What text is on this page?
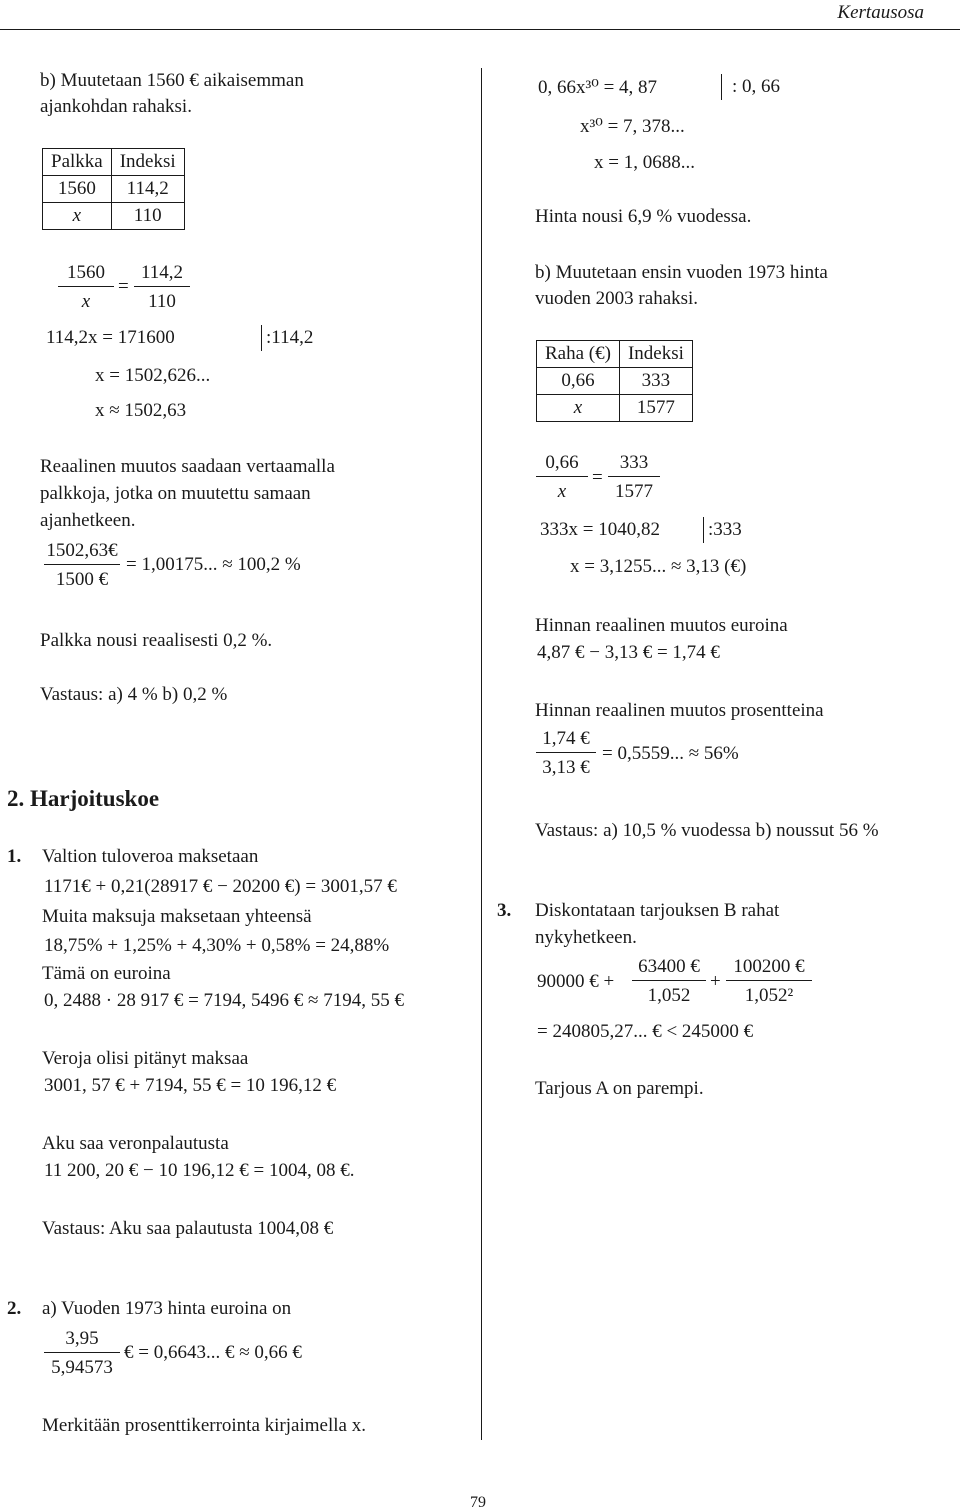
Kertausosa
b) Muutetaan 1560 € aikaisemman
ajankohdan rahaksi.
Palkka	Indeksi
1560	114,2
x	110
$\frac{1560}{x} = \frac{114,2}{110}$
114,2x = 171600	:114,2
x = 1502,626...
x ≈ 1502,63
Reaalinen muutos saadaan vertaamalla
palkkoja, jotka on muutettu samaan
ajanhetkeen.
$\frac{1502,63€}{1500 €} = 1,00175$... ≈ 100,2 %
Palkka nousi reaalisesti 0,2 %.
Vastaus: a) 4 % b) 0,2 %
2. Harjoituskoe
1. Valtion tuloveroa maksetaan
1171€ + 0,21(28917 € − 20200 €) = 3001,57 €
Muita maksuja maksetaan yhteensä
18,75% + 1,25% + 4,30% + 0,58% = 24,88%
Tämä on euroina
0, 2488 · 28 917 € = 7194, 5496 € ≈ 7194, 55 €
Veroja olisi pitänyt maksaa
3001, 57 € + 7194, 55 € = 10 196,12 €
Aku saa veronpalautusta
11 200, 20 € − 10 196,12 € = 1004, 08 €.
Vastaus: Aku saa palautusta 1004,08 €
2. a) Vuoden 1973 hinta euroina on
$\frac{3,95}{5,94573}$ € = 0,6643... € ≈ 0,66 €
Merkitään prosenttikerrointa kirjaimella x.
0, 66x³⁰ = 4, 87	: 0, 66
x³⁰ = 7, 378...
x = 1, 0688...
Hinta nousi 6,9 % vuodessa.
b) Muutetaan ensin vuoden 1973 hinta
vuoden 2003 rahaksi.
Raha (€)	Indeksi
0,66	333
x	1577
$\frac{0,66}{x} = \frac{333}{1577}$
333x = 1040,82	:333
x = 3,1255... ≈ 3,13 (€)
Hinnan reaalinen muutos euroina
4,87 € − 3,13 € = 1,74 €
Hinnan reaalinen muutos prosentteina
$\frac{1,74 €}{3,13 €} = 0,5559$... ≈ 56%
Vastaus: a) 10,5 % vuodessa b) noussut 56 %
3. Diskontataan tarjouksen B rahat
nykyhetkeen.
90000 € + $\frac{63400 €}{1,052} + \frac{100200 €}{\text{1,052²}}$
= 240805,27... € < 245000 €
Tarjous A on parempi.
79
